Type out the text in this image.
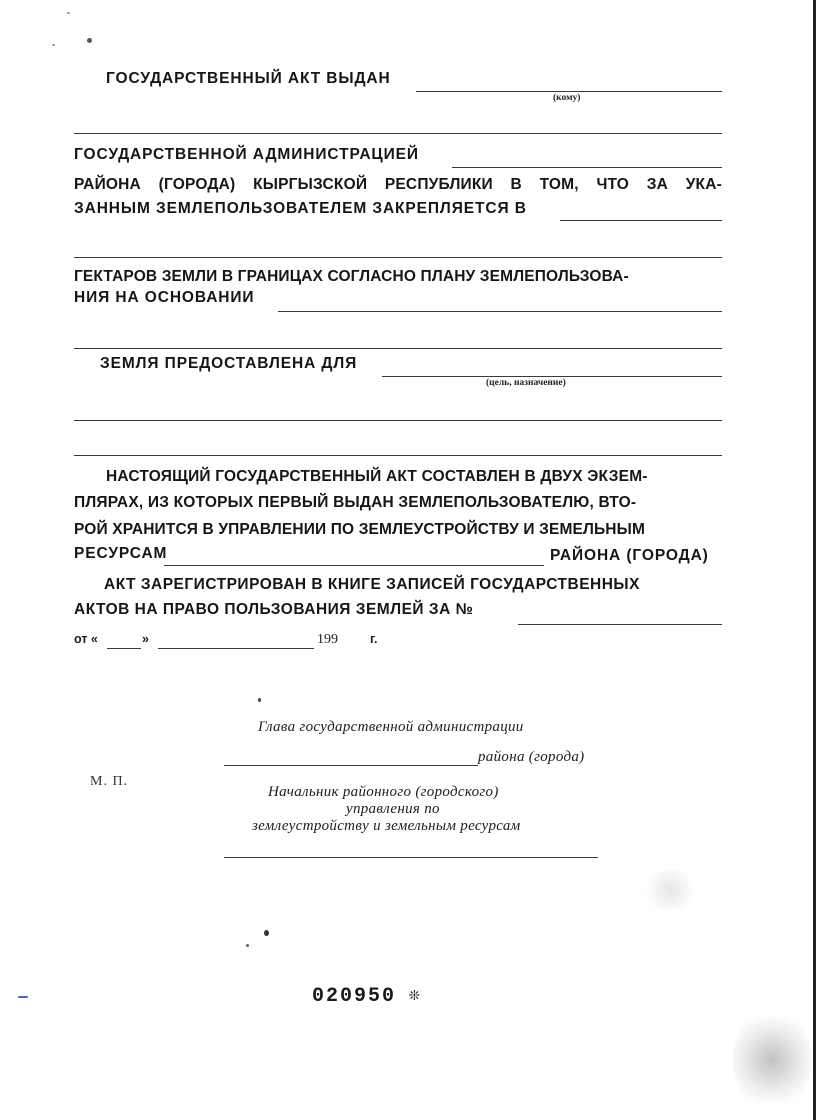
ГОСУДАРСТВЕННЫЙ АКТ ВЫДАН
(кому)
ГОСУДАРСТВЕННОЙ АДМИНИСТРАЦИЕЙ
РАЙОНА (ГОРОДА) КЫРГЫЗСКОЙ РЕСПУБЛИКИ В ТОМ, ЧТО ЗА УКА-
ЗАННЫМ ЗЕМЛЕПОЛЬЗОВАТЕЛЕМ ЗАКРЕПЛЯЕТСЯ В
ГЕКТАРОВ ЗЕМЛИ В ГРАНИЦАХ СОГЛАСНО ПЛАНУ ЗЕМЛЕПОЛЬЗОВА-
НИЯ НА ОСНОВАНИИ
ЗЕМЛЯ ПРЕДОСТАВЛЕНА ДЛЯ
(цель, назначение)
НАСТОЯЩИЙ ГОСУДАРСТВЕННЫЙ АКТ СОСТАВЛЕН В ДВУХ ЭКЗЕМ-
ПЛЯРАХ, ИЗ КОТОРЫХ ПЕРВЫЙ ВЫДАН ЗЕМЛЕПОЛЬЗОВАТЕЛЮ, ВТО-
РОЙ ХРАНИТСЯ В УПРАВЛЕНИИ ПО ЗЕМЛЕУСТРОЙСТВУ И ЗЕМЕЛЬНЫМ
РЕСУРСАМ	РАЙОНА (ГОРОДА)
АКТ ЗАРЕГИСТРИРОВАН В КНИГЕ ЗАПИСЕЙ ГОСУДАРСТВЕННЫХ
АКТОВ НА ПРАВО ПОЛЬЗОВАНИЯ ЗЕМЛЕЙ ЗА №
от «	»	199	г.
Глава государственной администрации
района (города)
М. П.
Начальник районного (городского)
управления по
землеустройству и земельным ресурсам
020950 ❊
